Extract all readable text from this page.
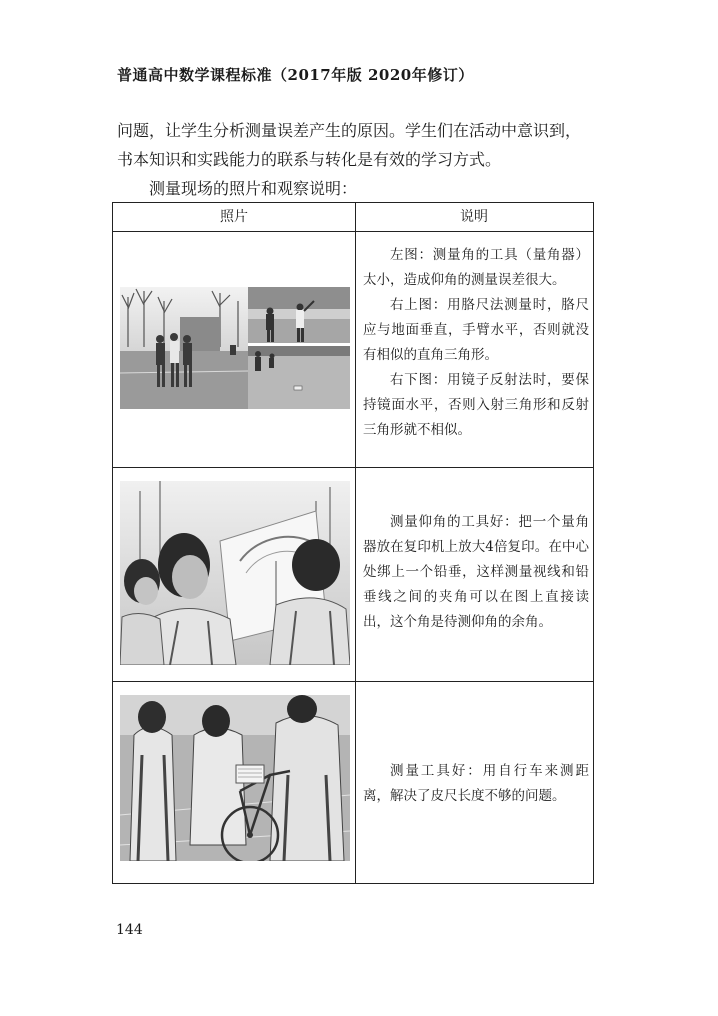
普通高中数学课程标准（2017年版 2020年修订）

问题，让学生分析测量误差产生的原因。学生们在活动中意识到，

书本知识和实践能力的联系与转化是有效的学习方式。

测量现场的照片和观察说明：

照片	说明

左图：测量角的工具（量角器）太小，造成仰角的测量误差很大。

右上图：用胳尺法测量时，胳尺应与地面垂直，手臂水平，否则就没有相似的直角三角形。

右下图：用镜子反射法时，要保持镜面水平，否则入射三角形和反射三角形就不相似。

测量仰角的工具好：把一个量角器放在复印机上放大4倍复印。在中心处绑上一个铅垂，这样测量视线和铅垂线之间的夹角可以在图上直接读出，这个角是待测仰角的余角。

测量工具好：用自行车来测距离，解决了皮尺长度不够的问题。

144
